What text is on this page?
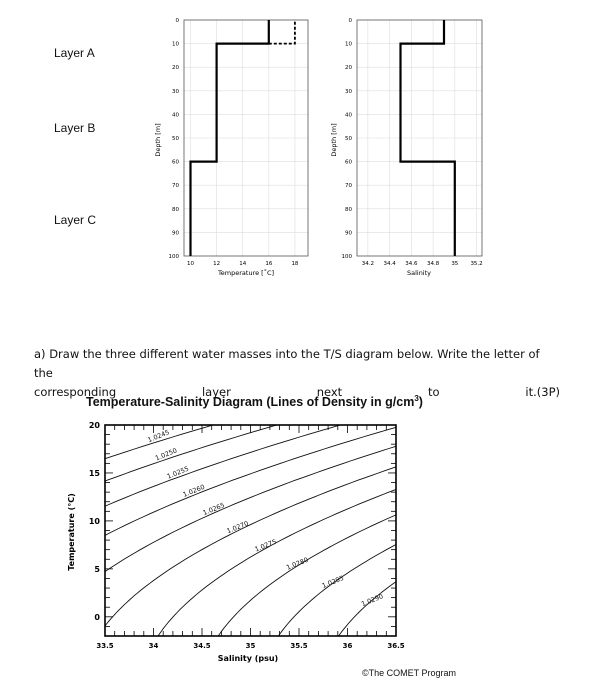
Layer A
Layer B
Layer C
0
10
20
30
40
50
60
70
80
90
100
10	12	14	16	18
Depth [m]
Temperature [˚C]
0
10
20
30
40
50
60
70
80
90
100
34.2 34.4 34.6 34.8 35 35.2
Depth [m]
Salinity
a) Draw the three different water masses into the T/S diagram below. Write the letter of the
corresponding	layer	next	to	it.(3P)
Temperature-Salinity Diagram (Lines of Density in $g/cm^3$)
1.0245
1.0250
1.0255
1.0260
1.0265
1.0270
1.0275
1.0280
1.0285
1.0290
20
15
10
5
0
33.5	34	34.5	35	35.5	36	36.5
Temperature (°C)
Salinity (psu)
©The COMET Program
